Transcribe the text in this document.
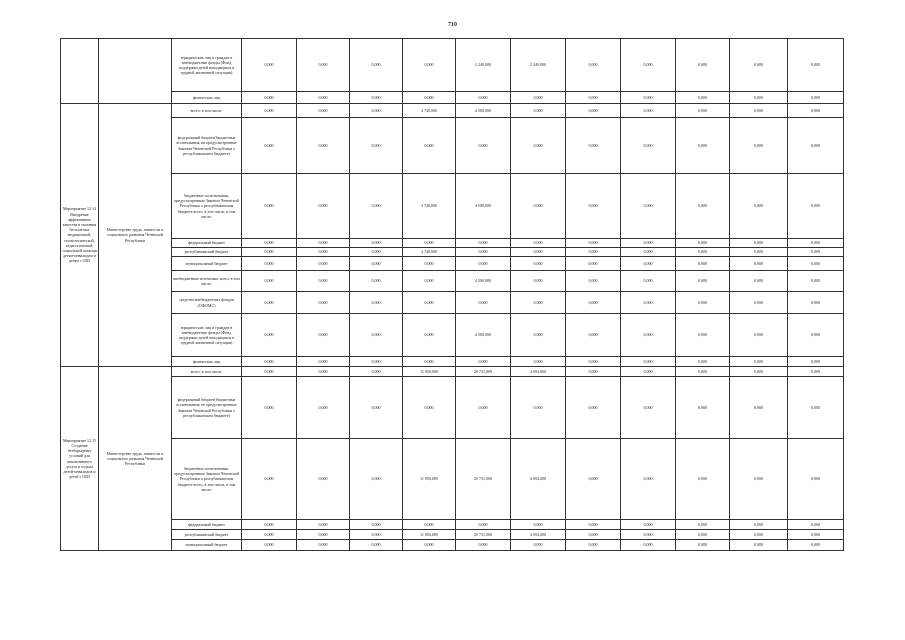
710
		юридических лиц и граждан в внебюджетные фонды (Фонд поддержки детей находящихся в трудной жизненной ситуации)	0,000	0,000	0,000	0,000	2 240,000	2 240,000	0,000	0,000	0,000	0,000	0,000
		физических лиц	0,000	0,000	0,000	0,000	0,000	0,000	0,000	0,000	0,000	0,000	0,000
Мероприятие 12.14 Внедрение эффективных качества в оказания бесплатных медицинской, психологической, педагогической, социальной помощи детям-инвалидам и детям с ОВЗ	Министерство труда, занятости и социального развития Чеченской Республики	всего, в том числе:	0,000	0,000	0,000	4 740,000	4 500,000	0,000	0,000	0,000	0,000	0,000	0,000
		федеральный бюджет(бюджетные ассигнования, не предусмотренные Законом Чеченской Республики о республиканском бюджете)	0,000	0,000	0,000	0,000	0,000	0,000	0,000	0,000	0,000	0,000	0,000
		бюджетные ассигнования, предусмотренные Законом Чеченской Республики о республиканском бюджете всего, в том числе, в том числе:	0,000	0,000	0,000	4 740,000	4 500,000	0,000	0,000	0,000	0,000	0,000	0,000
		федеральный бюджет	0,000	0,000	0,000	0,000	0,000	0,000	0,000	0,000	0,000	0,000	0,000
		республиканский бюджет	0,000	0,000	0,000	4 740,000	0,000	0,000	0,000	0,000	0,000	0,000	0,000
		муниципальный бюджет	0,000	0,000	0,000	0,000	0,000	0,000	0,000	0,000	0,000	0,000	0,000
		внебюджетные источники, всего, в том числе:	0,000	0,000	0,000	0,000	4 500,000	0,000	0,000	0,000	0,000	0,000	0,000
		средства внебюджетных фондов (ОФОМС)	0,000	0,000	0,000	0,000	0,000	0,000	0,000	0,000	0,000	0,000	0,000
		юридических лиц и граждан в внебюджетные фонды (Фонд поддержки детей находящихся в трудной жизненной ситуации)	0,000	0,000	0,000	0,000	4 500,000	0,000	0,000	0,000	0,000	0,000	0,000
		физических лиц	0,000	0,000	0,000	0,000	0,000	0,000	0,000	0,000	0,000	0,000	0,000
Мероприятие 12.15 Создание безбарьерных условий для инклюзивного досуга и отдыха детей-инвалидов и детей с ОВЗ	Министерство труда, занятости и социального развития Чеченской Республики	всего, в том числе:	0,000	0,000	0,000	11 050,000	20 731,000	4 094,000	0,000	0,000	0,000	0,000	0,000
		федеральный бюджет(бюджетные ассигнования, не предусмотренные Законом Чеченской Республики о республиканском бюджете)	0,000	0,000	0,000	0,000	0,000	0,000	0,000	0,000	0,000	0,000	0,000
		бюджетные ассигнования, предусмотренные Законом Чеченской Республики о республиканском бюджете всего, в том числе, в том числе:	0,000	0,000	0,000	11 050,000	20 731,000	4 094,000	0,000	0,000	0,000	0,000	0,000
		федеральный бюджет	0,000	0,000	0,000	0,000	0,000	0,000	0,000	0,000	0,000	0,000	0,000
		республиканский бюджет	0,000	0,000	0,000	11 050,000	20 731,000	4 094,000	0,000	0,000	0,000	0,000	0,000
		муниципальный бюджет	0,000	0,000	0,000	0,000	0,000	0,000	0,000	0,000	0,000	0,000	0,000
